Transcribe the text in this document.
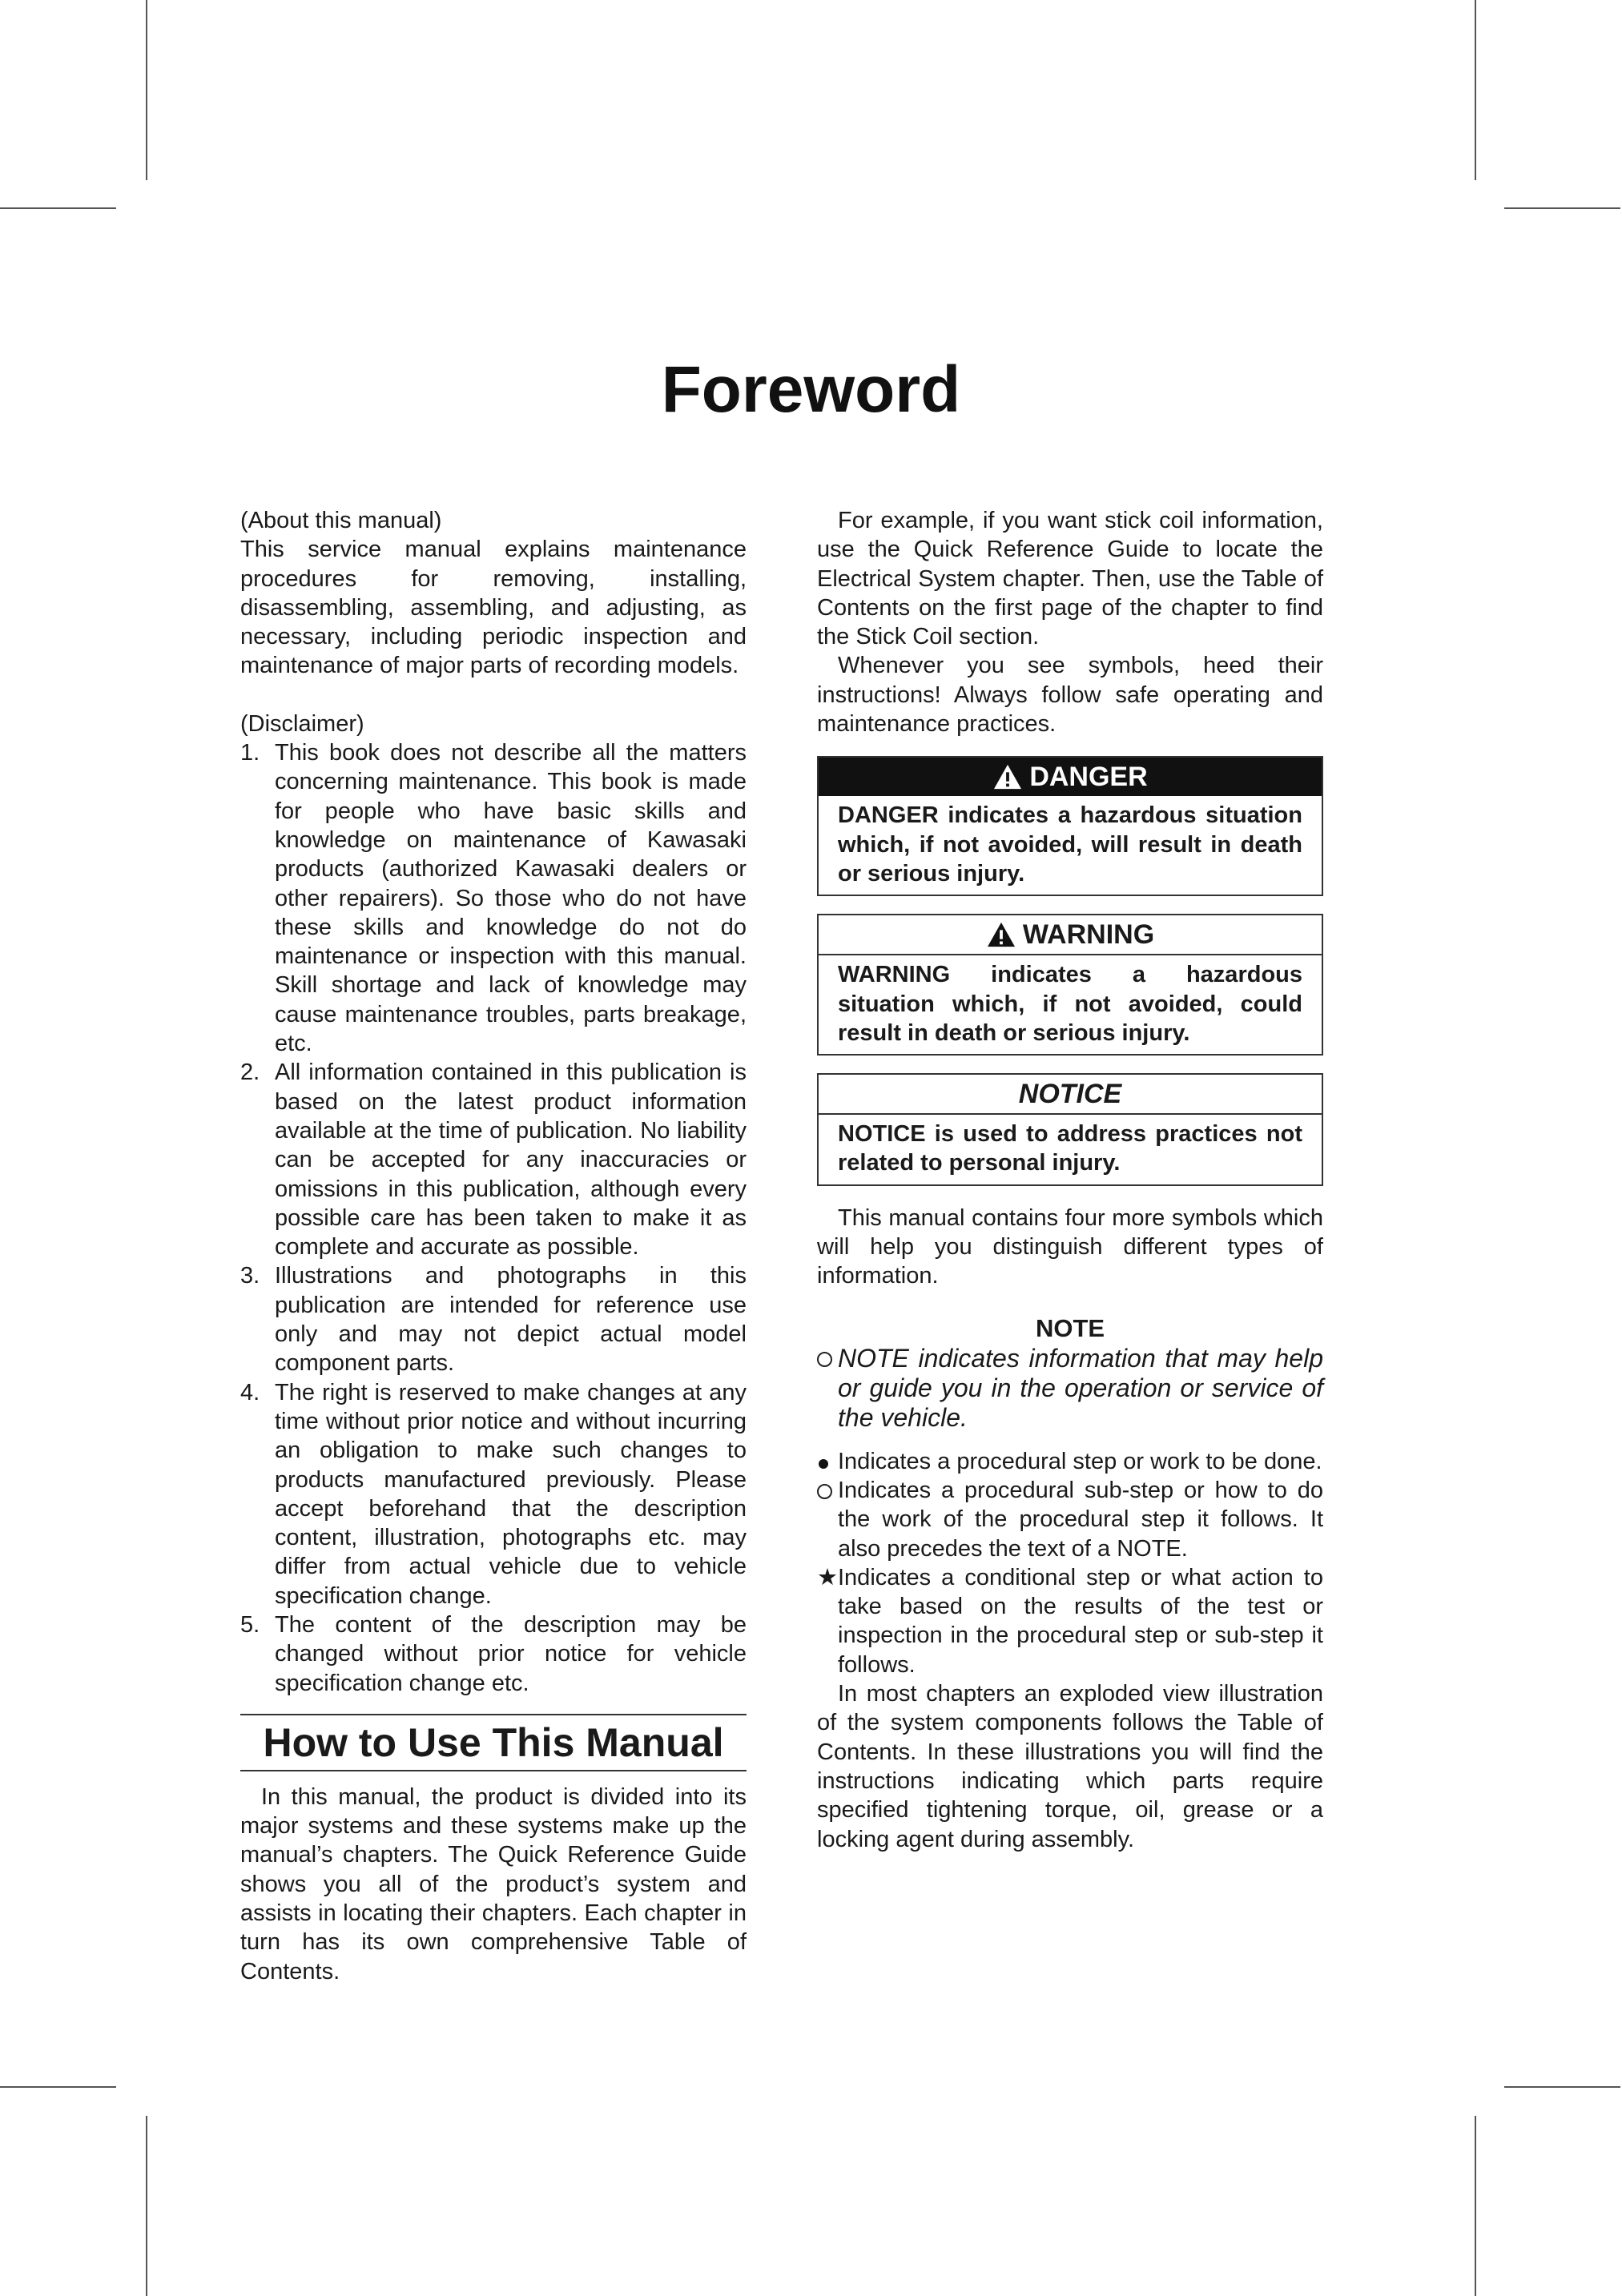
Foreword

(About this manual)

This service manual explains maintenance procedures for removing, installing, disassembling, assembling, and adjusting, as necessary, including periodic inspection and maintenance of major parts of recording models.

(Disclaimer)

1. This book does not describe all the matters concerning maintenance. This book is made for people who have basic skills and knowledge on maintenance of Kawasaki products (authorized Kawasaki dealers or other repairers). So those who do not have these skills and knowledge do not do maintenance or inspection with this manual. Skill shortage and lack of knowledge may cause maintenance troubles, parts breakage, etc.
2. All information contained in this publication is based on the latest product information available at the time of publication. No liability can be accepted for any inaccuracies or omissions in this publication, although every possible care has been taken to make it as complete and accurate as possible.
3. Illustrations and photographs in this publication are intended for reference use only and may not depict actual model component parts.
4. The right is reserved to make changes at any time without prior notice and without incurring an obligation to make such changes to products manufactured previously. Please accept beforehand that the description content, illustration, photographs etc. may differ from actual vehicle due to vehicle specification change.
5. The content of the description may be changed without prior notice for vehicle specification change etc.
How to Use This Manual

In this manual, the product is divided into its major systems and these systems make up the manual’s chapters. The Quick Reference Guide shows you all of the product’s system and assists in locating their chapters. Each chapter in turn has its own comprehensive Table of Contents.

For example, if you want stick coil information, use the Quick Reference Guide to locate the Electrical System chapter. Then, use the Table of Contents on the first page of the chapter to find the Stick Coil section.

Whenever you see symbols, heed their instructions! Always follow safe operating and maintenance practices.

DANGER
DANGER indicates a hazardous situation which, if not avoided, will result in death or serious injury.
WARNING
WARNING indicates a hazardous situation which, if not avoided, could result in death or serious injury.
NOTICE
NOTICE is used to address practices not related to personal injury.

This manual contains four more symbols which will help you distinguish different types of information.

NOTE
NOTE indicates information that may help or guide you in the operation or service of the vehicle.
Indicates a procedural step or work to be done.
Indicates a procedural sub-step or how to do the work of the procedural step it follows. It also precedes the text of a NOTE.
★ Indicates a conditional step or what action to take based on the results of the test or inspection in the procedural step or sub-step it follows.

In most chapters an exploded view illustration of the system components follows the Table of Contents. In these illustrations you will find the instructions indicating which parts require specified tightening torque, oil, grease or a locking agent during assembly.
